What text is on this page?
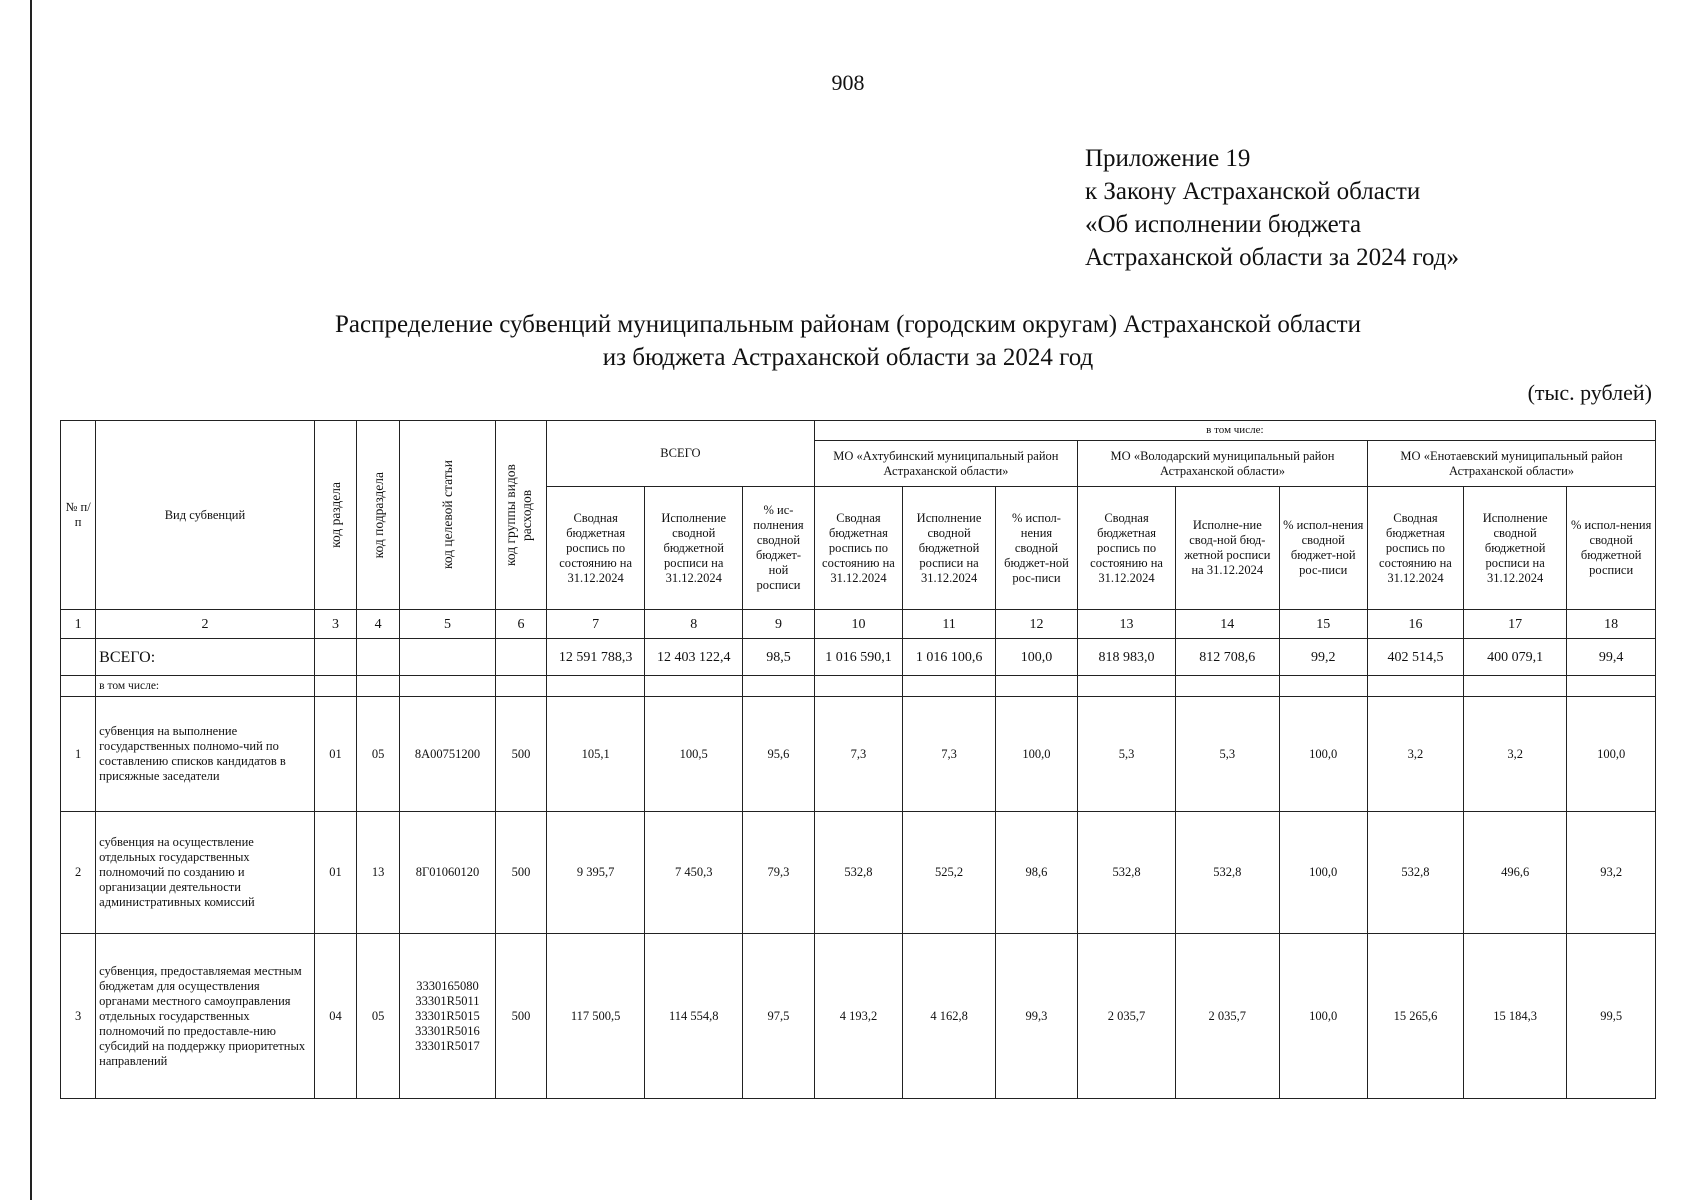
908
Приложение 19
к Закону Астраханской области
«Об исполнении бюджета
Астраханской области за 2024 год»
Распределение субвенций муниципальным районам (городским округам) Астраханской области
из бюджета Астраханской области за 2024 год
(тыс. рублей)
№ п/п	Вид субвенций	код раздела	код подраздела	код целевой статьи	код группы видов расходов	ВСЕГО			в том числе:								
									МО «Ахтубинский муниципальный район Астраханской области»			МО «Володарский муниципальный район Астраханской области»			МО «Енотаевский муниципальный район Астраханской области»		
						Сводная бюджетная роспись по состоянию на 31.12.2024	Исполнение сводной бюджетной росписи на 31.12.2024	% ис-полнения сводной бюджет-ной росписи	Сводная бюджетная роспись по состоянию на 31.12.2024	Исполнение сводной бюджетной росписи на 31.12.2024	% испол-нения сводной бюджет-ной рос-писи	Сводная бюджетная роспись по состоянию на 31.12.2024	Исполне-ние свод-ной бюд-жетной росписи на 31.12.2024	% испол-нения сводной бюджет-ной рос-писи	Сводная бюджетная роспись по состоянию на 31.12.2024	Исполнение сводной бюджетной росписи на 31.12.2024	% испол-нения сводной бюджетной росписи
1	2	3	4	5	6	7	8	9	10	11	12	13	14	15	16	17	18
	ВСЕГО:					12 591 788,3	12 403 122,4	98,5	1 016 590,1	1 016 100,6	100,0	818 983,0	812 708,6	99,2	402 514,5	400 079,1	99,4
	в том числе:																
1	субвенция на выполнение государственных полномо-чий по составлению списков кандидатов в присяжные заседатели	01	05	8А00751200	500	105,1	100,5	95,6	7,3	7,3	100,0	5,3	5,3	100,0	3,2	3,2	100,0
2	субвенция на осуществление отдельных государственных полномочий по созданию и организации деятельности административных комиссий	01	13	8Г01060120	500	9 395,7	7 450,3	79,3	532,8	525,2	98,6	532,8	532,8	100,0	532,8	496,6	93,2
3	субвенция, предоставляемая местным бюджетам для осуществления органами местного самоуправления отдельных государственных полномочий по предоставле-нию субсидий на поддержку приоритетных направлений	04	05	3330165080
33301R5011
33301R5015
33301R5016
33301R5017	500	117 500,5	114 554,8	97,5	4 193,2	4 162,8	99,3	2 035,7	2 035,7	100,0	15 265,6	15 184,3	99,5
